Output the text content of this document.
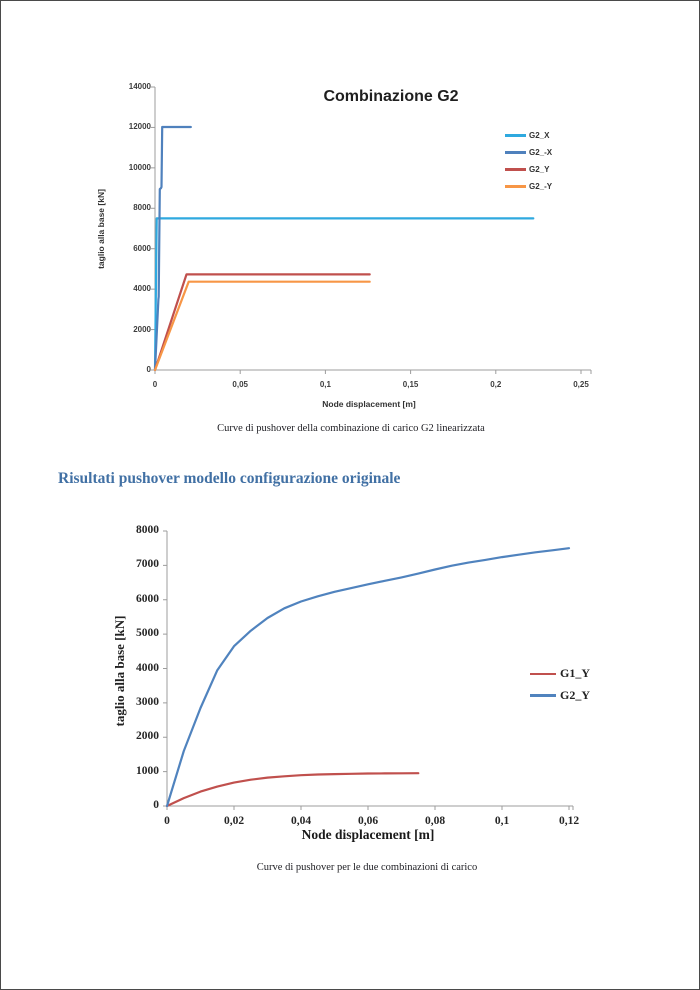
Combinazione G2
taglio alla base [kN]
Node displacement [m]
G2_X
G2_-X
G2_Y
G2_-Y
0	0,05	0,1	0,15	0,2	0,25
0
2000
4000
6000
8000
10000
12000
14000

Curve di pushover della combinazione di carico G2 linearizzata

Risultati pushover modello configurazione originale
taglio alla base [kN]
Node displacement [m]
G1_Y
G2_Y
0	0,02	0,04	0,06	0,08	0,1	0,12
0
1000
2000
3000
4000
5000
6000
7000
8000

Curve di pushover per le due combinazioni di carico
